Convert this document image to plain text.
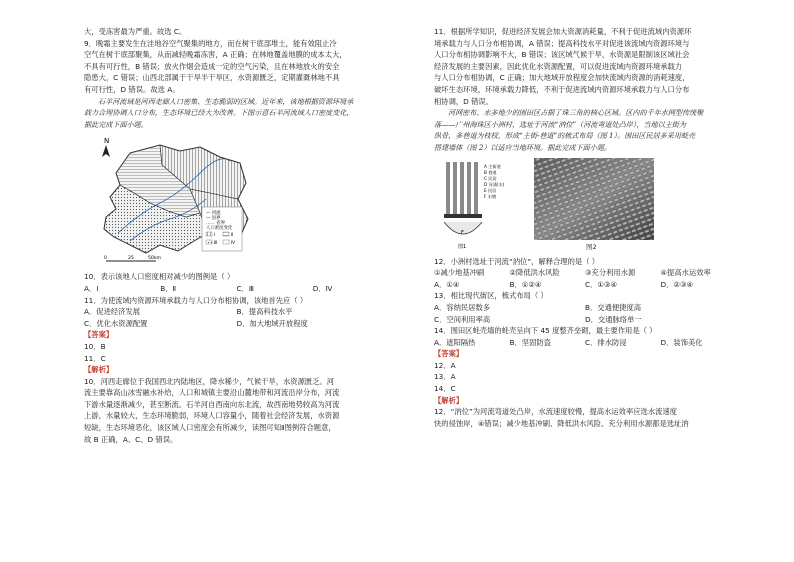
大，受冻害最为严重。故选 C。

9．晚霜主要发生在洼地谷空气聚集的地方，而在树干底部堆土，能有效阻止冷

空气在树干底部聚集，从而减轻晚霜冻害，A 正确；在林地覆盖地膜的成本太大，

不具有可行性，B 错误；放火作烟会造成一定的空气污染，且在林地放火的安全

隐患大，C 错误；山西北部属于干旱半干旱区，水资源匮乏，定期灌溉林地不具

有可行性，D 错误。故选 A。

石羊河流域是河西走廊人口密集、生态脆弱的区域。近年来，该地根据资源环境承

载力合理协调人口分布，生态环境已经大为改善。下图示意石羊河流域人口密度变化，

据此完成下面小题。

N
— 河流
— 县界
…… 省界
人口密度变化
Ⅰ	Ⅱ
Ⅲ	Ⅳ
0	25	50km

10．表示该地人口密度相对减少的图例是（ ）

A．Ⅰ	B．Ⅱ	C．Ⅲ	D．Ⅳ

11．为使流域内资源环境承载力与人口分布相协调，该地首先应（ ）

A．促进经济发展	B．提高科技水平
C．优化水资源配置	D．加大地域开放程度

【答案】

10．B

11．C

【解析】

10．河西走廊位于我国西北内陆地区，降水稀少，气候干旱，水资源匮乏。河

流主要靠高山冰雪融水补给，人口和城镇主要沿山麓地带和河流沿岸分布，河流

下游水量逐渐减少，甚至断流。石羊河自西南向东北流，故西南地势较高为河流

上游，水量较大，生态环境脆弱，环境人口容量小，随着社会经济发展，水资源

短缺，生态环境恶化，该区域人口密度会有所减少，读图可知Ⅱ图例符合题意，

故 B 正确，A、C、D 错误。

11．根据所学知识，促进经济发展会加大资源消耗量，不利于促进流域内资源环

境承载力与人口分布相协调，A 错误；提高科技水平对促进该流域内资源环境与

人口分布相协调影响不大，B 错误；该区域气候干旱，水资源是限制该区域社会

经济发展的主要因素，因此优化水资源配置，可以促进流域内资源环境承载力

与人口分布相协调，C 正确；加大地域开放程度会加快流域内资源的消耗速度，

破坏生态环境，环境承载力降低，不利于促进流域内资源环境承载力与人口分布

相协调，D 错误。

河网密布、水多地少的围田区占据了珠三角的核心区域。区内的千年水网型传统聚

落——广州海珠区小洲村，选址于河流“汭位”（河流弯道处凸岸），当地以主街为

纵骨，多巷道为枝杈，形成“主街-巷道”的梳式布局（图 1）。围田区民居多采用蚝壳

搭建墙体（图 2）以适应当地环境。据此完成下面小题。

A 主街道
B 巷道
C 民居
D 河涌(水)
E 民居
F 水塘
F
图1	图2

12．小洲村选址于河流“汭位”，解释合理的是（ ）

①减少地基冲刷	②降低洪水风险	③充分利用水源	④提高水运效率
A．①④	B．①②④	C．①③④	D．②③④

13．相比现代街区，梳式布局（ ）

A．容纳民居数多	B．交通便捷度高
C．空间利用率高	D．交通脉络单一

14．围田区蚝壳墙的蚝壳呈向下 45 度整齐垒砌，最主要作用是（ ）

A．遮阳隔热	B．坚固防盗	C．排水防浸	D．装饰美化

【答案】

12．A

13．A

14．C

【解析】

12．“汭位”为河流弯道处凸岸，水流速度较慢，提高水运效率应选水流速度

快的侵蚀岸，④错误；减少地基冲刷、降低洪水风险、充分利用水源都是选址汭
